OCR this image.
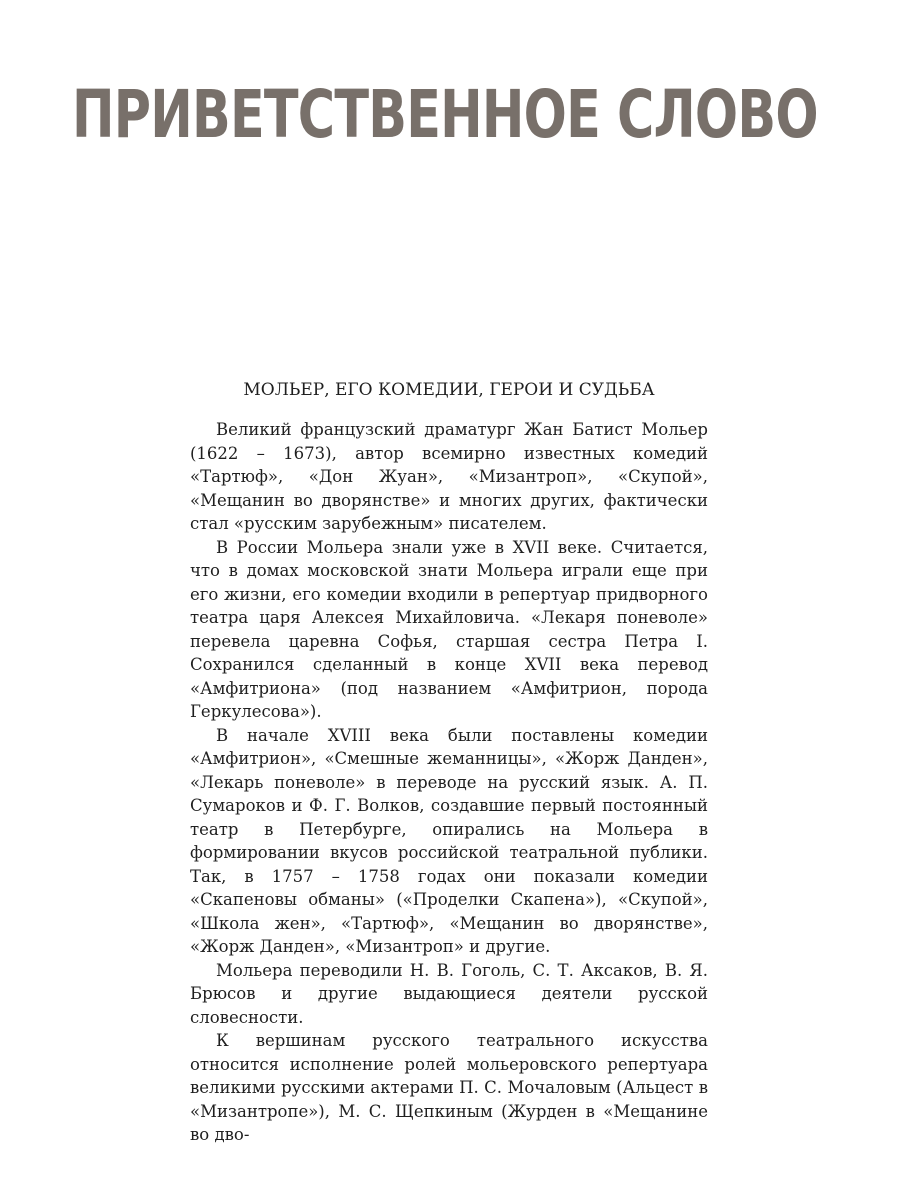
ПРИВЕТСТВЕННОЕ СЛОВО
МОЛЬЕР, ЕГО КОМЕДИИ, ГЕРОИ И СУДЬБА

Великий французский драматург Жан Батист Мольер (1622 – 1673), автор всемирно известных комедий «Тартюф», «Дон Жуан», «Мизантроп», «Скупой», «Мещанин во дворянстве» и многих других, фактически стал «русским зарубежным» писателем.

В России Мольера знали уже в XVII веке. Считается, что в домах московской знати Мольера играли еще при его жизни, его комедии входили в репертуар придворного театра царя Алексея Михайловича. «Лекаря поневоле» перевела царевна Софья, старшая сестра Петра I. Сохранился сделанный в конце XVII века перевод «Амфитриона» (под названием «Амфитрион, порода Геркулесова»).

В начале XVIII века были поставлены комедии «Амфитрион», «Смешные жеманницы», «Жорж Данден», «Лекарь поневоле» в переводе на русский язык. А. П. Сумароков и Ф. Г. Волков, создавшие первый постоянный театр в Петербурге, опирались на Мольера в формировании вкусов российской театральной публики. Так, в 1757 – 1758 годах они показали комедии «Скапеновы обманы» («Проделки Скапена»), «Скупой», «Школа жен», «Тартюф», «Мещанин во дворянстве», «Жорж Данден», «Мизантроп» и другие.

Мольера переводили Н. В. Гоголь, С. Т. Аксаков, В. Я. Брюсов и другие выдающиеся деятели русской словесности.

К вершинам русского театрального искусства относится исполнение ролей мольеровского репертуара великими русскими актерами П. С. Мочаловым (Альцест в «Мизантропе»), М. С. Щепкиным (Журден в «Мещанине во дво-
